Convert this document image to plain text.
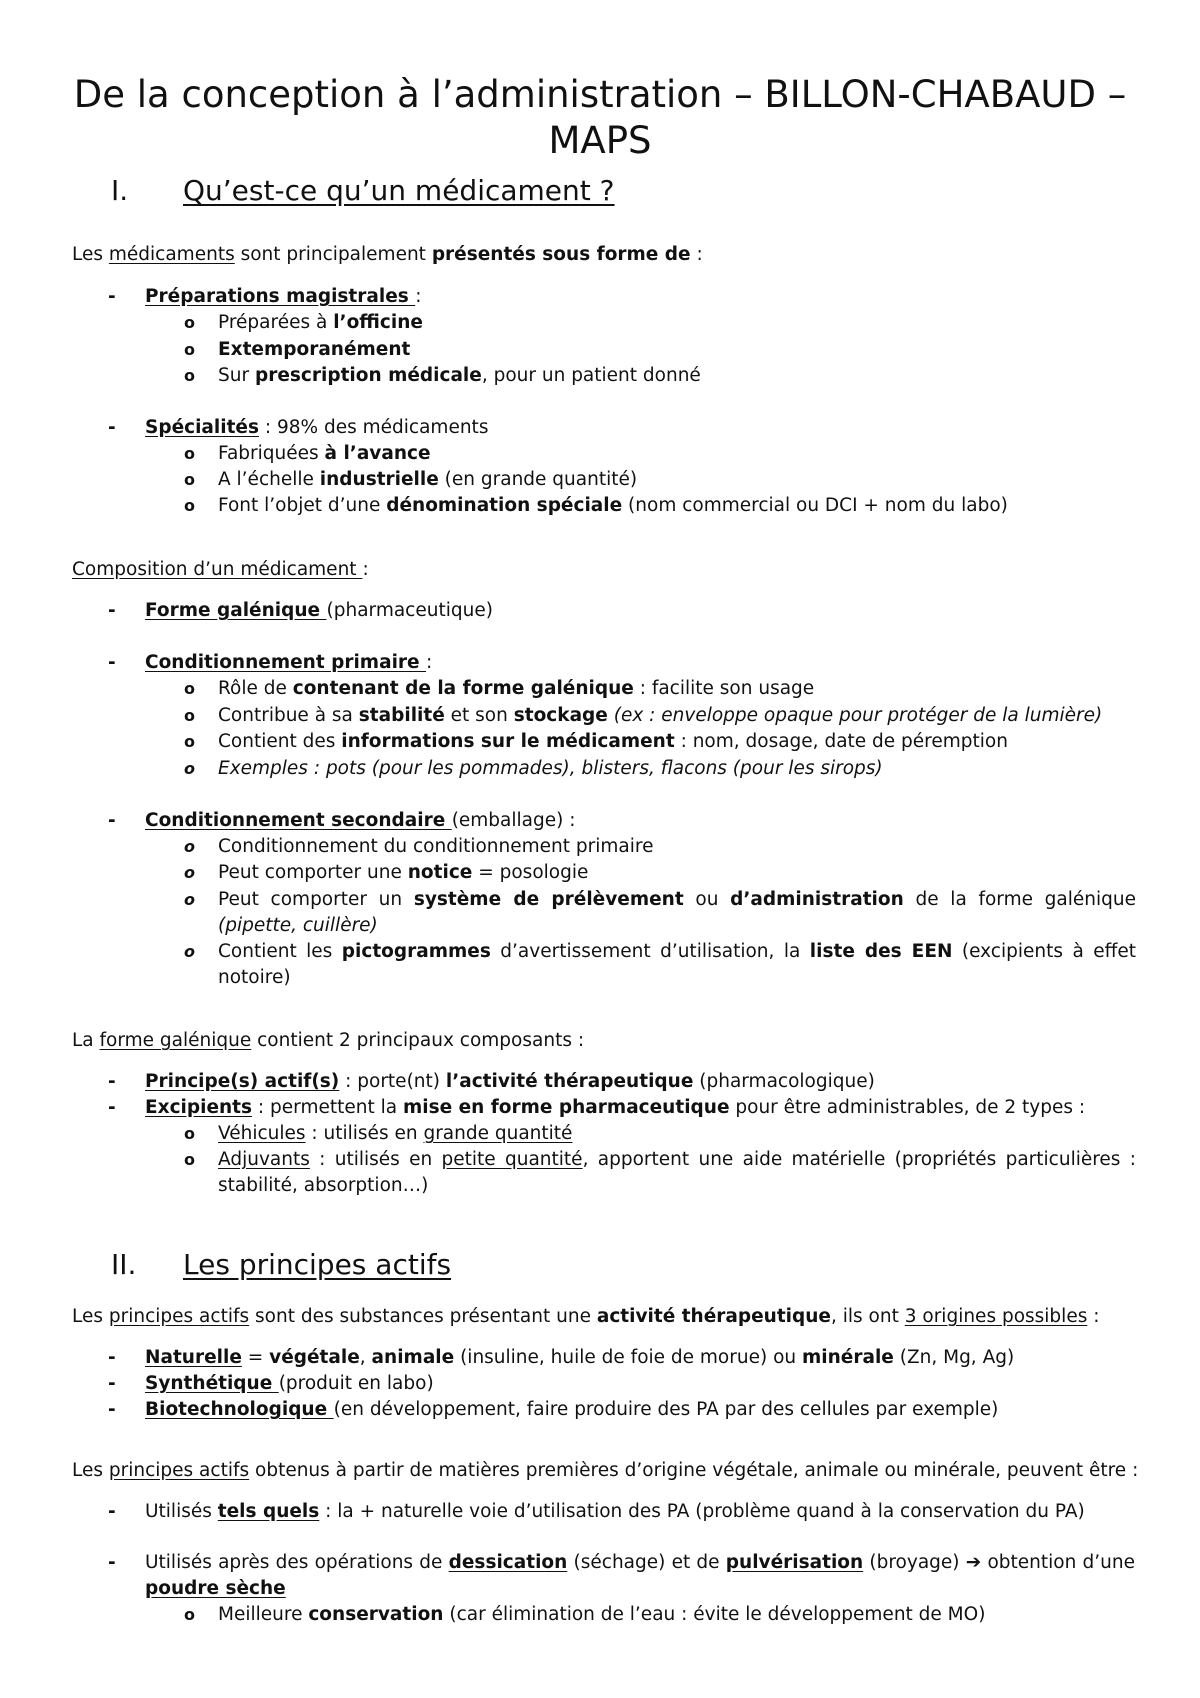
De la conception à l’administration – BILLON-CHABAUD – MAPS
I. Qu’est-ce qu’un médicament ?
Les médicaments sont principalement présentés sous forme de :
-	Préparations magistrales :
o	Préparées à l’officine
o	Extemporanément
o	Sur prescription médicale, pour un patient donné
-	Spécialités : 98% des médicaments
o	Fabriquées à l’avance
o	A l’échelle industrielle (en grande quantité)
o	Font l’objet d’une dénomination spéciale (nom commercial ou DCI + nom du labo)
Composition d’un médicament :
-	Forme galénique (pharmaceutique)
-	Conditionnement primaire :
o	Rôle de contenant de la forme galénique : facilite son usage
o	Contribue à sa stabilité et son stockage (ex : enveloppe opaque pour protéger de la lumière)
o	Contient des informations sur le médicament : nom, dosage, date de péremption
o	Exemples : pots (pour les pommades), blisters, flacons (pour les sirops)
-	Conditionnement secondaire (emballage) :
o	Conditionnement du conditionnement primaire
o	Peut comporter une notice = posologie
o	Peut comporter un système de prélèvement ou d’administration de la forme galénique (pipette, cuillère)
o	Contient les pictogrammes d’avertissement d’utilisation, la liste des EEN (excipients à effet notoire)
La forme galénique contient 2 principaux composants :
-	Principe(s) actif(s) : porte(nt) l’activité thérapeutique (pharmacologique)
-	Excipients : permettent la mise en forme pharmaceutique pour être administrables, de 2 types :
o	Véhicules : utilisés en grande quantité
o	Adjuvants : utilisés en petite quantité, apportent une aide matérielle (propriétés particulières : stabilité, absorption…)
II. Les principes actifs
Les principes actifs sont des substances présentant une activité thérapeutique, ils ont 3 origines possibles :
-	Naturelle = végétale, animale (insuline, huile de foie de morue) ou minérale (Zn, Mg, Ag)
-	Synthétique (produit en labo)
-	Biotechnologique (en développement, faire produire des PA par des cellules par exemple)
Les principes actifs obtenus à partir de matières premières d’origine végétale, animale ou minérale, peuvent être :
-	Utilisés tels quels : la + naturelle voie d’utilisation des PA (problème quand à la conservation du PA)
-	Utilisés après des opérations de dessication (séchage) et de pulvérisation (broyage) ➔ obtention d’une poudre sèche
o	Meilleure conservation (car élimination de l’eau : évite le développement de MO)
